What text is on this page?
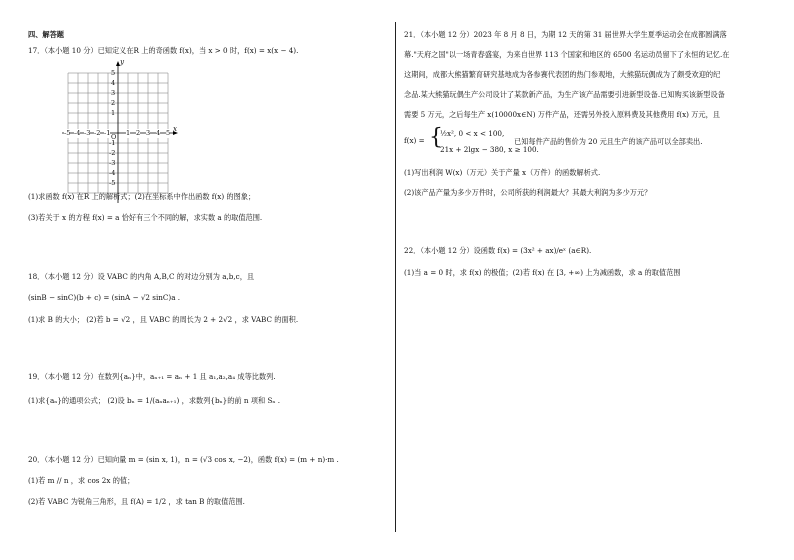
四、解答题
17．（本小题 10 分）已知定义在R 上的奇函数 f(x)，当 x > 0 时，f(x) = x(x − 4).
y
x
O
-5 -4 -3 -2 -1 1 2 3 4 5
5
4
3
2
1
-1
-2
-3
-4
-5
(1)求函数 f(x) 在R 上的解析式；(2)在坐标系中作出函数 f(x) 的图象；
(3)若关于 x 的方程 f(x) = a 恰好有三个不同的解，求实数 a 的取值范围.
18．（本小题 12 分）设 VABC 的内角 A,B,C 的对边分别为 a,b,c，且
(sinB − sinC)(b + c) = (sinA − √2 sinC)a .
(1)求 B 的大小； (2)若 b = √2 ，且 VABC 的周长为 2 + 2√2 ，求 VABC 的面积.
19．（本小题 12 分）在数列{aₙ}中，aₙ₊₁ = aₙ + 1 且 a₁,a₂,a₄ 成等比数列.
(1)求{aₙ}的通项公式； (2)设 bₙ = 1/(aₙaₙ₊₁) ，求数列{bₙ}的前 n 项和 Sₙ .
20．（本小题 12 分）已知向量 m = (sin x, 1)，n = (√3 cos x, −2)，函数 f(x) = (m + n)·m .
(1)若 m // n ，求 cos 2x 的值；
(2)若 VABC 为锐角三角形，且 f(A) = 1/2 ，求 tan B 的取值范围.
21．（本小题 12 分）2023 年 8 月 8 日，为期 12 天的第 31 届世界大学生夏季运动会在成都圆满落
幕."天府之国"以一场青春盛宴，为来自世界 113 个国家和地区的 6500 名运动员留下了永恒的记忆.在
这期间，成都大熊猫繁育研究基地成为各参赛代表团的热门参观地，大熊猫玩偶成为了颇受欢迎的纪
念品.某大熊猫玩偶生产公司设计了某款新产品，为生产该产品需要引进新型设备.已知购买该新型设备
需要 5 万元，之后每生产 x(10000x∈N) 万件产品，还需另外投入原料费及其他费用 f(x) 万元，且
f(x) = {
½x², 0 < x < 100,
21x + 2lgx − 380, x ≥ 100.
已知每件产品的售价为 20 元且生产的该产品可以全部卖出.
(1)写出利润 W(x)（万元）关于产量 x（万件）的函数解析式.
(2)该产品产量为多少万件时，公司所获的利润最大？其最大利润为多少万元？
22．（本小题 12 分）设函数 f(x) = (3x² + ax)/eˣ (a∈R).
(1)当 a = 0 时，求 f(x) 的极值；(2)若 f(x) 在 [3, +∞) 上为减函数，求 a 的取值范围
